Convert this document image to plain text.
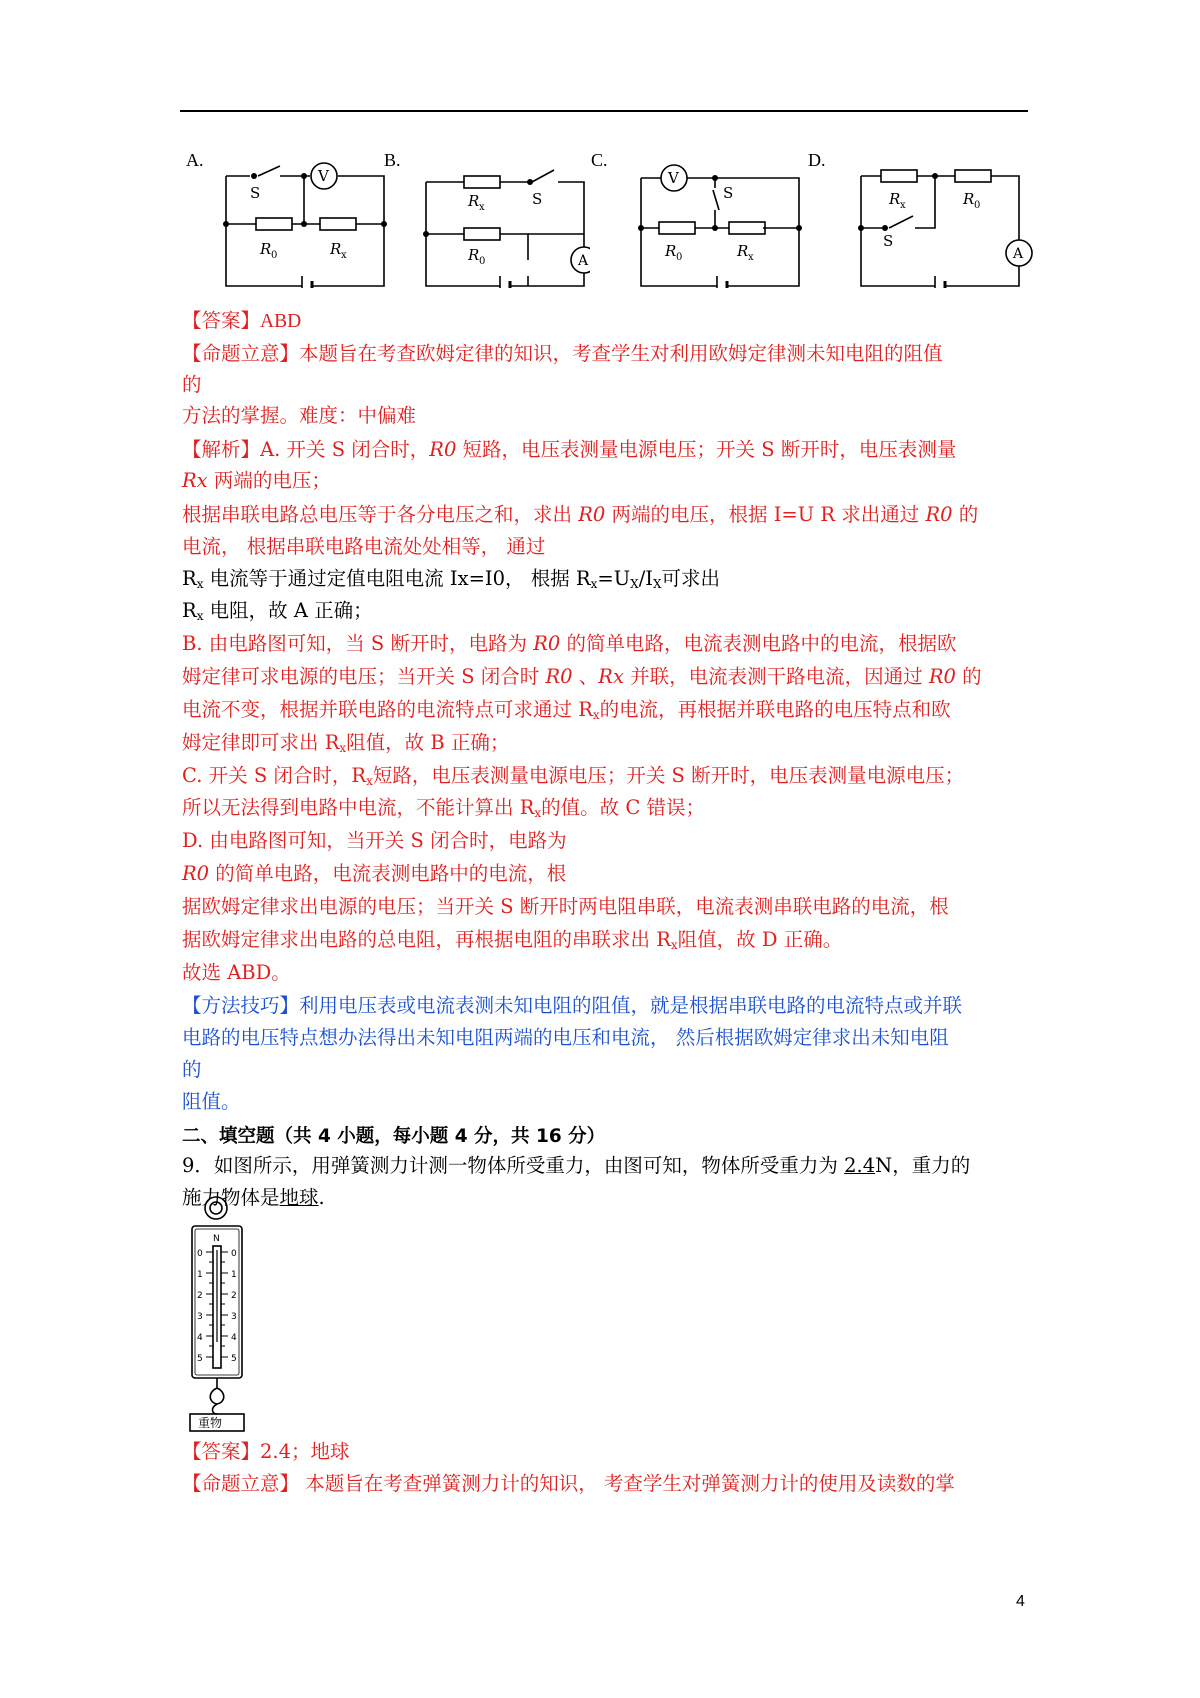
A.	B.	C.	D.
V
S
R 0	R x	A
S
R x
R 0
V
S
R 0	R x	A
S
R x	R 0
【答案】ABD
【命题立意】本题旨在考查欧姆定律的知识，考查学生对利用欧姆定律测未知电阻的阻值
的
方法的掌握。难度：中偏难
【解析】A. 开关 S 闭合时，R0 短路，电压表测量电源电压；开关 S 断开时，电压表测量
Rx 两端的电压；
根据串联电路总电压等于各分电压之和，求出 R0 两端的电压，根据 I=U R 求出通过 R0 的
电流， 根据串联电路电流处处相等， 通过
$R_x$ 电流等于通过定值电阻电流 Ix=I0， 根据 $R_x=U_X/I_X$可求出
$R_x$ 电阻，故 A 正确；
B. 由电路图可知，当 S 断开时，电路为 R0 的简单电路，电流表测电路中的电流，根据欧
姆定律可求电源的电压；当开关 S 闭合时 R0 、Rx 并联，电流表测干路电流，因通过 R0 的
电流不变，根据并联电路的电流特点可求通过 $R_x$的电流，再根据并联电路的电压特点和欧
姆定律即可求出 $R_x$阻值，故 B 正确；
C. 开关 S 闭合时，$R_x$短路，电压表测量电源电压；开关 S 断开时，电压表测量电源电压；
所以无法得到电路中电流，不能计算出 $R_x$的值。故 C 错误；
D. 由电路图可知，当开关 S 闭合时，电路为
R0 的简单电路，电流表测电路中的电流，根
据欧姆定律求出电源的电压；当开关 S 断开时两电阻串联，电流表测串联电路的电流，根
据欧姆定律求出电路的总电阻，再根据电阻的串联求出 $R_x$阻值，故 D 正确。
故选 ABD。
【方法技巧】利用电压表或电流表测未知电阻的阻值，就是根据串联电路的电流特点或并联
电路的电压特点想办法得出未知电阻两端的电压和电流， 然后根据欧姆定律求出未知电阻
的
阻值。
二、填空题（共 4 小题，每小题 4 分，共 16 分）
9．如图所示，用弹簧测力计测一物体所受重力，由图可知，物体所受重力为 2.4N，重力的
施力物体是地球.
N
0	0
1	1
2	2
3	3
4	4
5	5
重物
【答案】2.4；地球
【命题立意】 本题旨在考查弹簧测力计的知识， 考查学生对弹簧测力计的使用及读数的掌
4
